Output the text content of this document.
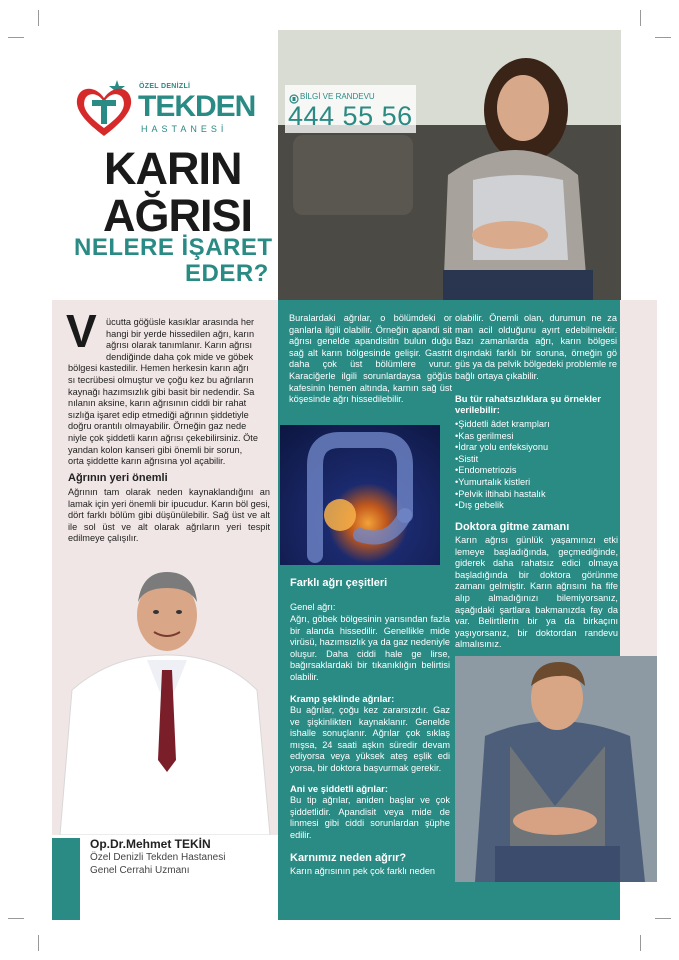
ÖZEL DENİZLİ
TEKDEN
HASTANESİ
BİLGİ VE RANDEVU
444 55 56
KARIN
AĞRISI
NELERE İŞARET
EDER?
V	ücutta göğüsle kasıklar arasında her

hangi bir yerde hissedilen ağrı, karın

ağrısı olarak tanımlanır. Karın ağrısı

dendiğinde daha çok mide ve göbek

bölgesi kastedilir. Hemen herkesin karın ağrı

sı tecrübesi olmuştur ve çoğu kez bu ağrıların

kaynağı hazımsızlık gibi basit bir nedendir. Sa

nılanın aksine, karın ağrısının ciddi bir rahat

sızlığa işaret edip etmediği ağrının şiddetiyle

doğru orantılı olmayabilir. Örneğin gaz nede

niyle çok şiddetli karın ağrısı çekebilirsiniz. Öte

yandan kolon kanseri gibi önemli bir sorun,

orta şiddette karın ağrısına yol açabilir.

Ağrının yeri önemli
Ağrının tam olarak neden kaynaklandığını an lamak için yeri önemli bir ipucudur. Karın böl gesi, dört farklı bölüm gibi düşünülebilir. Sağ üst ve alt ile sol üst ve alt olarak ağrıların yeri tespit edilmeye çalışılır.
Op.Dr.Mehmet TEKİN
Özel Denizli Tekden Hastanesi
Genel Cerrahi Uzmanı
Buralardaki ağrılar, o bölümdeki or ganlarla ilgili olabilir. Örneğin apandi sit ağrısı genelde apandisitin bulun duğu sağ alt karın bölgesinde gelişir. Gastrit daha çok üst bölümlere vurur. Karaciğerle ilgili sorunlardaysa göğüs kafesinin hemen altında, karnın sağ üst köşesinde ağrı hissedilebilir.
olabilir. Önemli olan, durumun ne za man acil olduğunu ayırt edebilmektir. Bazı zamanlarda ağrı, karın bölgesi dışındaki farklı bir soruna, örneğin gö güs ya da pelvik bölgedeki problemle re bağlı ortaya çıkabilir.
Bu tür rahatsızlıklara şu örnekler verilebilir:
•Şiddetli âdet krampları
•Kas gerilmesi
•İdrar yolu enfeksiyonu
•Sistit
•Endometriozis
•Yumurtalık kistleri
•Pelvik iltihabi hastalık
•Dış gebelik
Doktora gitme zamanı
Karın ağrısı günlük yaşamınızı etki lemeye başladığında, geçmediğinde, giderek daha rahatsız edici olmaya başladığında bir doktora görünme zamanı gelmiştir. Karın ağrısını ha fife alıp almadığınızı bilemiyorsanız, aşağıdaki şartlara bakmanızda fay da var. Belirtilerin bir ya da birkaçını yaşıyorsanız, bir doktordan randevu almalısınız.
Farklı ağrı çeşitleri
Genel ağrı:
Ağrı, göbek bölgesinin yarısından fazla bir alanda hissedilir. Genellikle mide virüsü, hazımsızlık ya da gaz nedeniyle oluşur. Daha ciddi hale ge lirse, bağırsaklardaki bir tıkanıklığın belirtisi olabilir.
Kramp şeklinde ağrılar:
Bu ağrılar, çoğu kez zararsızdır. Gaz ve şişkinlikten kaynaklanır. Genelde ishalle sonuçlanır. Ağrılar çok sıklaş mışsa, 24 saati aşkın süredir devam ediyorsa veya yüksek ateş eşlik edi yorsa, bir doktora başvurmak gerekir.
Ani ve şiddetli ağrılar:
Bu tip ağrılar, aniden başlar ve çok şiddetlidir. Apandisit veya mide de linmesi gibi ciddi sorunlardan şüphe edilir.
Karnımız neden ağrır?
Karın ağrısının pek çok farklı neden
